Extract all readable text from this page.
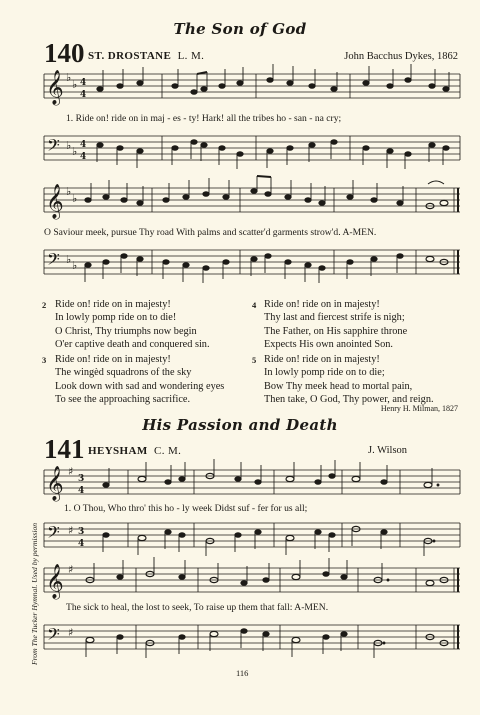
The Son of God
140 ST. DROSTANE L. M.	John Bacchus Dykes, 1862
𝄞 ♭
♭ 4
4
1. Ride on! ride on in maj - es - ty! Hark! all the tribes ho - san - na cry;
𝄢 ♭ ♭ 4
4
𝄞 ♭
♭
O Saviour meek, pursue Thy road With palms and scatter'd garments strow'd. A-MEN.
𝄢 ♭ ♭
2 Ride on! ride on in majesty!
In lowly pomp ride on to die!
O Christ, Thy triumphs now begin
O'er captive death and conquered sin.
3 Ride on! ride on in majesty!
The wingèd squadrons of the sky
Look down with sad and wondering eyes
To see the approaching sacrifice.
4 Ride on! ride on in majesty!
Thy last and fiercest strife is nigh;
The Father, on His sapphire throne
Expects His own anointed Son.
5 Ride on! ride on in majesty!
In lowly pomp ride on to die;
Bow Thy meek head to mortal pain,
Then take, O God, Thy power, and reign.
Henry H. Milman, 1827
His Passion and Death
141 HEYSHAM C. M.	J. Wilson
𝄞 ♯
3
4
1. O Thou, Who thro' this ho - ly week Didst suf - fer for us all;
𝄢 ♯ 3
4
𝄞 ♯
The sick to heal, the lost to seek, To raise up them that fall: A-MEN.
𝄢 ♯
From The Tucker Hymnal. Used by permission
116
